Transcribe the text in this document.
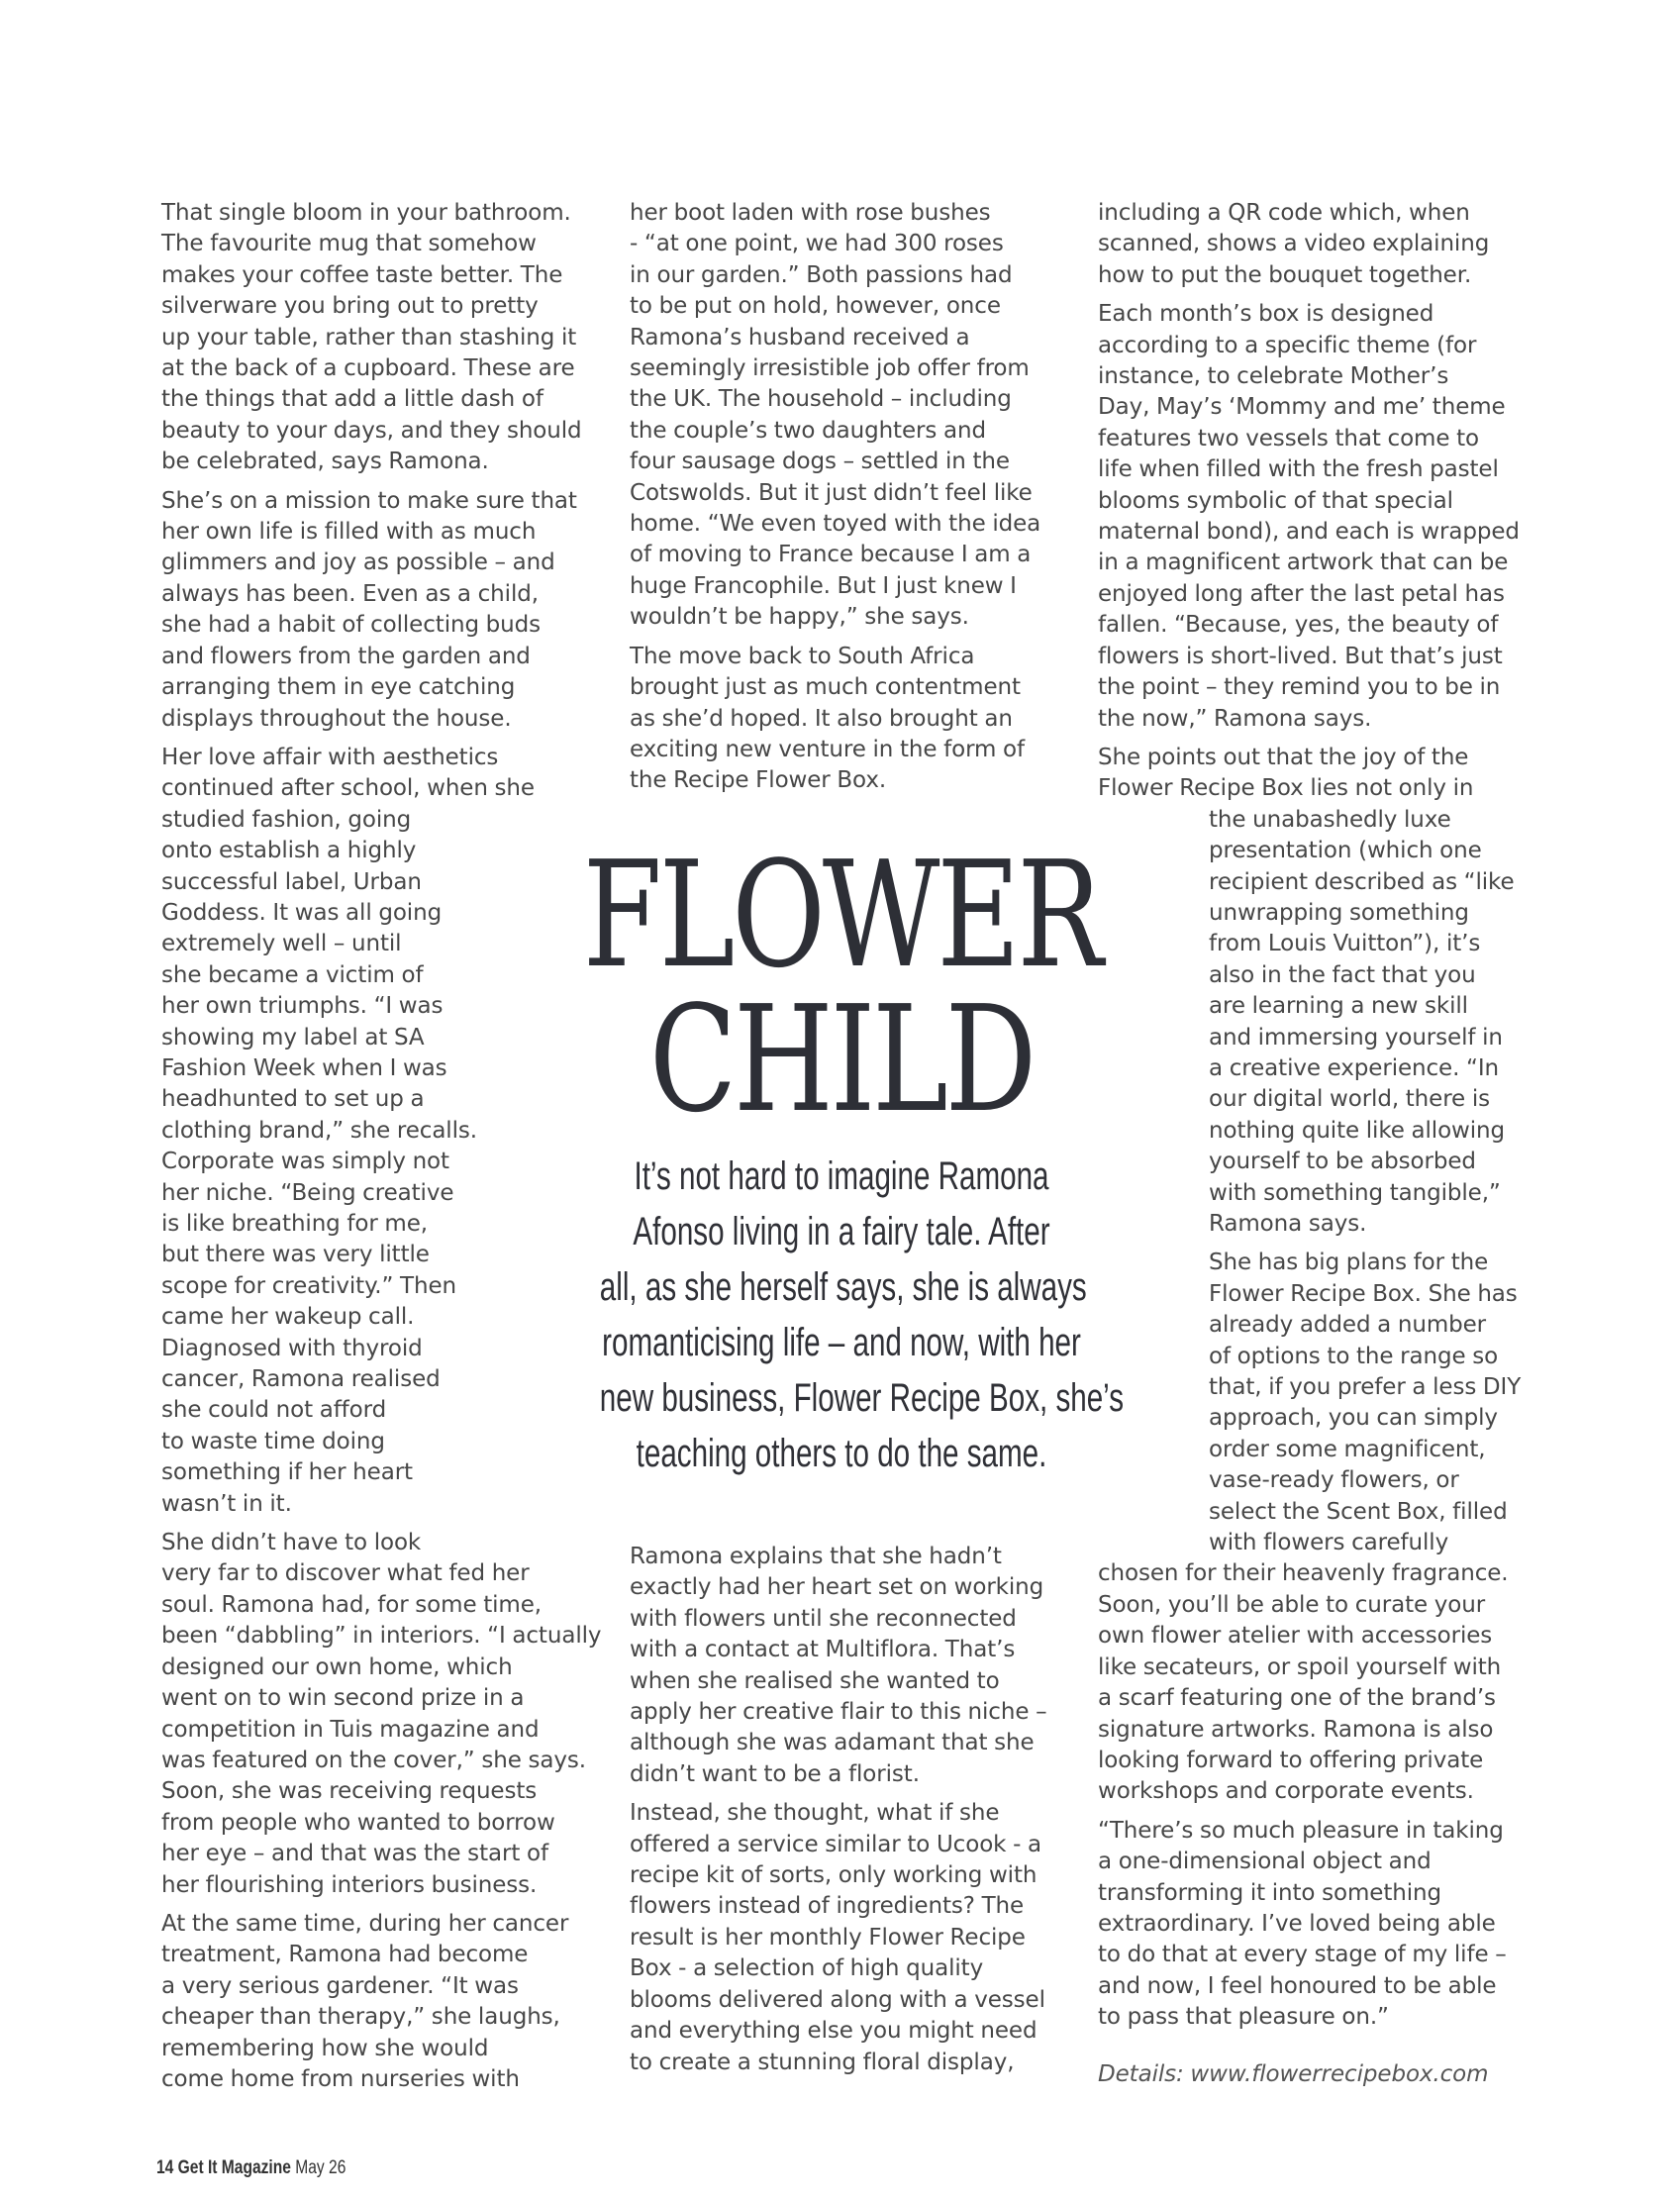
That single bloom in your bathroom.
The favourite mug that somehow
makes your coffee taste better. The
silverware you bring out to pretty
up your table, rather than stashing it
at the back of a cupboard. These are
the things that add a little dash of
beauty to your days, and they should
be celebrated, says Ramona.

She’s on a mission to make sure that
her own life is filled with as much
glimmers and joy as possible – and
always has been. Even as a child,
she had a habit of collecting buds
and flowers from the garden and
arranging them in eye catching
displays throughout the house.

Her love affair with aesthetics
continued after school, when she
studied fashion, going
onto establish a highly
successful label, Urban
Goddess. It was all going
extremely well – until
she became a victim of
her own triumphs. “I was
showing my label at SA
Fashion Week when I was
headhunted to set up a
clothing brand,” she recalls.
Corporate was simply not
her niche. “Being creative
is like breathing for me,
but there was very little
scope for creativity.” Then
came her wakeup call.
Diagnosed with thyroid
cancer, Ramona realised
she could not afford
to waste time doing
something if her heart
wasn’t in it.

She didn’t have to look
very far to discover what fed her
soul. Ramona had, for some time,
been “dabbling” in interiors. “I actually
designed our own home, which
went on to win second prize in a
competition in Tuis magazine and
was featured on the cover,” she says.
Soon, she was receiving requests
from people who wanted to borrow
her eye – and that was the start of
her flourishing interiors business.

At the same time, during her cancer
treatment, Ramona had become
a very serious gardener. “It was
cheaper than therapy,” she laughs,
remembering how she would
come home from nurseries with

her boot laden with rose bushes
- “at one point, we had 300 roses
in our garden.” Both passions had
to be put on hold, however, once
Ramona’s husband received a
seemingly irresistible job offer from
the UK. The household – including
the couple’s two daughters and
four sausage dogs – settled in the
Cotswolds. But it just didn’t feel like
home. “We even toyed with the idea
of moving to France because I am a
huge Francophile. But I just knew I
wouldn’t be happy,” she says.

The move back to South Africa
brought just as much contentment
as she’d hoped. It also brought an
exciting new venture in the form of
the Recipe Flower Box.

FLOWER
CHILD
It’s not hard to imagine Ramona
Afonso living in a fairy tale. After
all, as she herself says, she is always
romanticising life – and now, with her
new business, Flower Recipe Box, she’s
teaching others to do the same.

Ramona explains that she hadn’t
exactly had her heart set on working
with flowers until she reconnected
with a contact at Multiflora. That’s
when she realised she wanted to
apply her creative flair to this niche –
although she was adamant that she
didn’t want to be a florist.

Instead, she thought, what if she
offered a service similar to Ucook - a
recipe kit of sorts, only working with
flowers instead of ingredients? The
result is her monthly Flower Recipe
Box - a selection of high quality
blooms delivered along with a vessel
and everything else you might need
to create a stunning floral display,

including a QR code which, when
scanned, shows a video explaining
how to put the bouquet together.

Each month’s box is designed
according to a specific theme (for
instance, to celebrate Mother’s
Day, May’s ‘Mommy and me’ theme
features two vessels that come to
life when filled with the fresh pastel
blooms symbolic of that special
maternal bond), and each is wrapped
in a magnificent artwork that can be
enjoyed long after the last petal has
fallen. “Because, yes, the beauty of
flowers is short-lived. But that’s just
the point – they remind you to be in
the now,” Ramona says.

She points out that the joy of the
Flower Recipe Box lies not only in
the unabashedly luxe
presentation (which one
recipient described as “like
unwrapping something
from Louis Vuitton”), it’s
also in the fact that you
are learning a new skill
and immersing yourself in
a creative experience. “In
our digital world, there is
nothing quite like allowing
yourself to be absorbed
with something tangible,”
Ramona says.

She has big plans for the
Flower Recipe Box. She has
already added a number
of options to the range so
that, if you prefer a less DIY
approach, you can simply
order some magnificent,
vase-ready flowers, or
select the Scent Box, filled
with flowers carefully
chosen for their heavenly fragrance.
Soon, you’ll be able to curate your
own flower atelier with accessories
like secateurs, or spoil yourself with
a scarf featuring one of the brand’s
signature artworks. Ramona is also
looking forward to offering private
workshops and corporate events.

“There’s so much pleasure in taking
a one-dimensional object and
transforming it into something
extraordinary. I’ve loved being able
to do that at every stage of my life –
and now, I feel honoured to be able
to pass that pleasure on.”

Details: www.flowerrecipebox.com

14 Get It Magazine May 26
